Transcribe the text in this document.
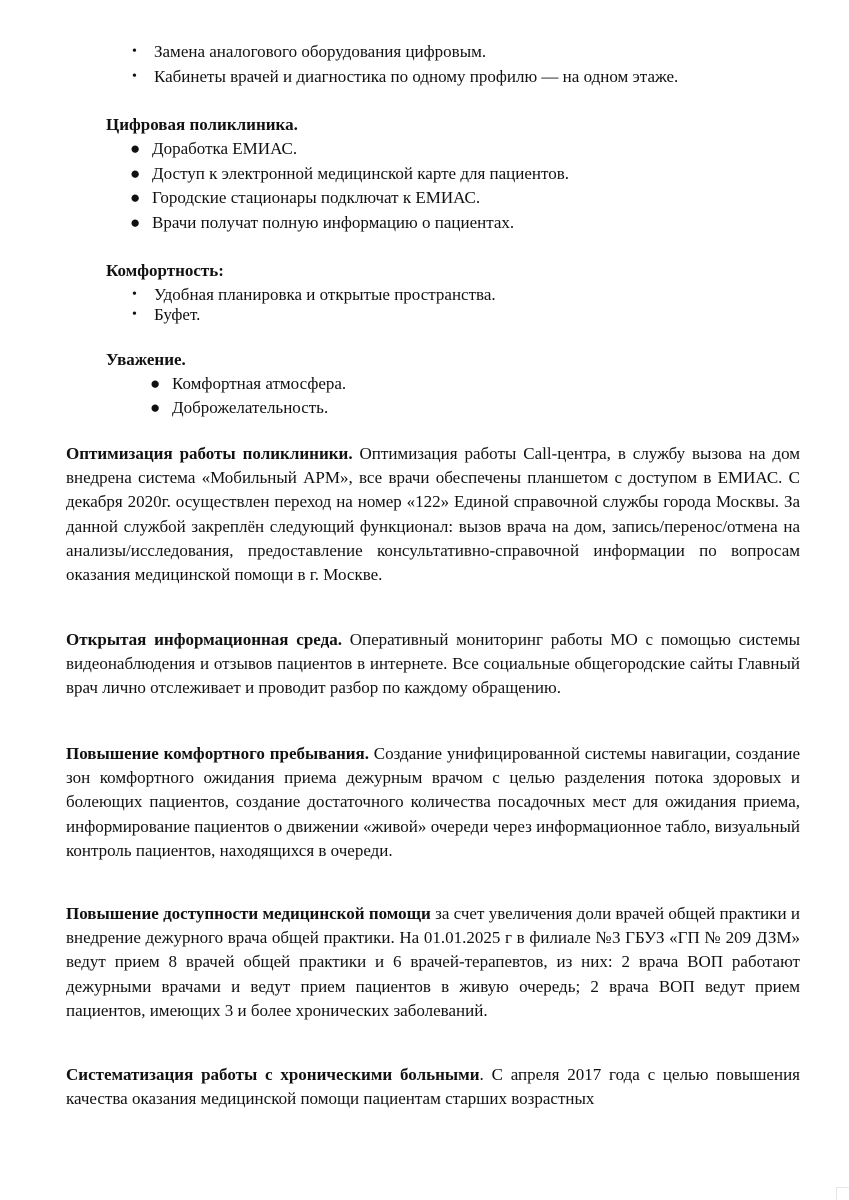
•	Замена аналогового оборудования цифровым.
•	Кабинеты врачей и диагностика по одному профилю — на одном этаже.
Цифровая поликлиника.
● Доработка ЕМИАС.
● Доступ к электронной медицинской карте для пациентов.
● Городские стационары подключат к ЕМИАС.
● Врачи получат полную информацию о пациентах.
Комфортность:
•	Удобная планировка и открытые пространства.
•	Буфет.
Уважение.
● Комфортная атмосфера.
● Доброжелательность.
Оптимизация работы поликлиники. Оптимизация работы Call-центра, в службу вызова на дом внедрена система «Мобильный АРМ», все врачи обеспечены планшетом с доступом в ЕМИАС. С декабря 2020г. осуществлен переход на номер «122» Единой справочной службы города Москвы. За данной службой закреплён следующий функционал: вызов врача на дом, запись/перенос/отмена на анализы/исследования, предоставление консультативно-справочной информации по вопросам оказания медицинской помощи в г. Москве.
Открытая информационная среда. Оперативный мониторинг работы МО с помощью системы видеонаблюдения и отзывов пациентов в интернете. Все социальные общегородские сайты Главный врач лично отслеживает и проводит разбор по каждому обращению.
Повышение комфортного пребывания. Создание унифицированной системы навигации, создание зон комфортного ожидания приема дежурным врачом с целью разделения потока здоровых и болеющих пациентов, создание достаточного количества посадочных мест для ожидания приема, информирование пациентов о движении «живой» очереди через информационное табло, визуальный контроль пациентов, находящихся в очереди.
Повышение доступности медицинской помощи за счет увеличения доли врачей общей практики и внедрение дежурного врача общей практики. На 01.01.2025 г в филиале №3 ГБУЗ «ГП № 209 ДЗМ» ведут прием 8 врачей общей практики и 6 врачей-терапевтов, из них: 2 врача ВОП работают дежурными врачами и ведут прием пациентов в живую очередь; 2 врача ВОП ведут прием пациентов, имеющих 3 и более хронических заболеваний.
Систематизация работы с хроническими больными. С апреля 2017 года с целью повышения качества оказания медицинской помощи пациентам старших возрастных
